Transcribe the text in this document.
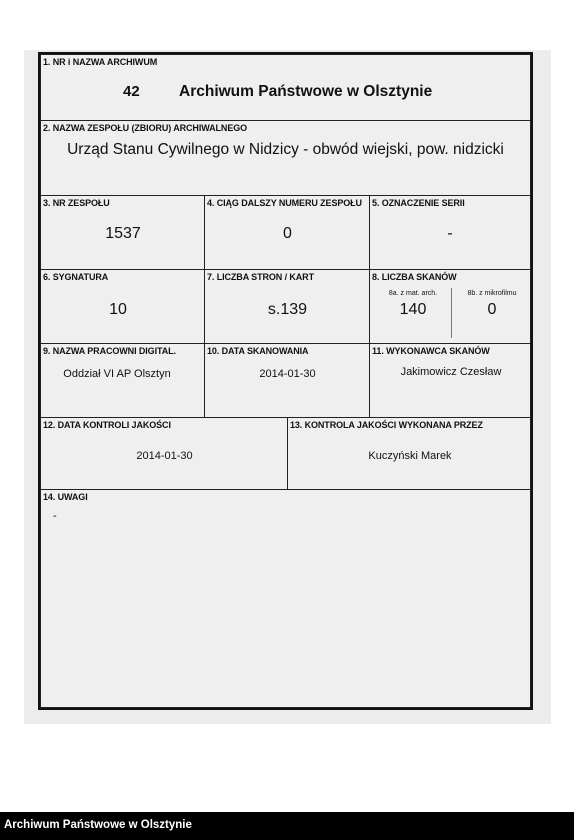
1. NR i NAZWA ARCHIWUM
42	Archiwum Państwowe w Olsztynie
2. NAZWA ZESPOŁU (ZBIORU) ARCHIWALNEGO
Urząd Stanu Cywilnego w Nidzicy - obwód wiejski, pow. nidzicki
3. NR ZESPOŁU
1537
4. CIĄG DALSZY NUMERU ZESPOŁU
0
5. OZNACZENIE SERII
-
6. SYGNATURA
10
7. LICZBA STRON / KART
s.139
8. LICZBA SKANÓW
8a. z mat. arch.	8b. z mikrofilmu
140	0
9. NAZWA PRACOWNI DIGITAL.
Oddział VI AP Olsztyn
10. DATA SKANOWANIA
2014-01-30
11. WYKONAWCA SKANÓW
Jakimowicz Czesław
12. DATA KONTROLI JAKOŚCI
2014-01-30
13. KONTROLA JAKOŚCI WYKONANA PRZEZ
Kuczyński Marek
14. UWAGI
-
Archiwum Państwowe w Olsztynie
